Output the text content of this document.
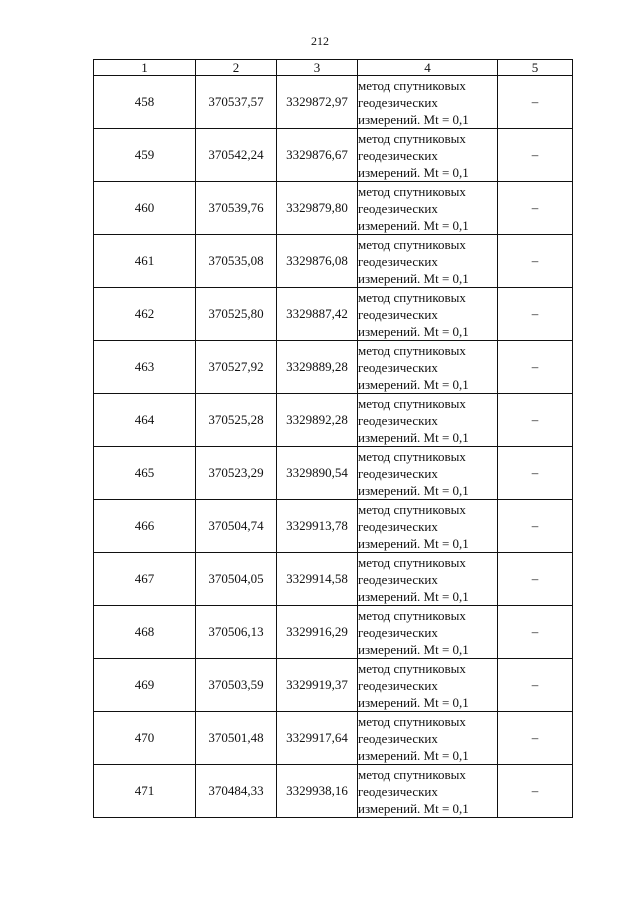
212
1	2	3	4	5
458	370537,57	3329872,97	метод спутниковых
геодезических
измерений. Mt = 0,1	–
459	370542,24	3329876,67	метод спутниковых
геодезических
измерений. Mt = 0,1	–
460	370539,76	3329879,80	метод спутниковых
геодезических
измерений. Mt = 0,1	–
461	370535,08	3329876,08	метод спутниковых
геодезических
измерений. Mt = 0,1	–
462	370525,80	3329887,42	метод спутниковых
геодезических
измерений. Mt = 0,1	–
463	370527,92	3329889,28	метод спутниковых
геодезических
измерений. Mt = 0,1	–
464	370525,28	3329892,28	метод спутниковых
геодезических
измерений. Mt = 0,1	–
465	370523,29	3329890,54	метод спутниковых
геодезических
измерений. Mt = 0,1	–
466	370504,74	3329913,78	метод спутниковых
геодезических
измерений. Mt = 0,1	–
467	370504,05	3329914,58	метод спутниковых
геодезических
измерений. Mt = 0,1	–
468	370506,13	3329916,29	метод спутниковых
геодезических
измерений. Mt = 0,1	–
469	370503,59	3329919,37	метод спутниковых
геодезических
измерений. Mt = 0,1	–
470	370501,48	3329917,64	метод спутниковых
геодезических
измерений. Mt = 0,1	–
471	370484,33	3329938,16	метод спутниковых
геодезических
измерений. Mt = 0,1	–
